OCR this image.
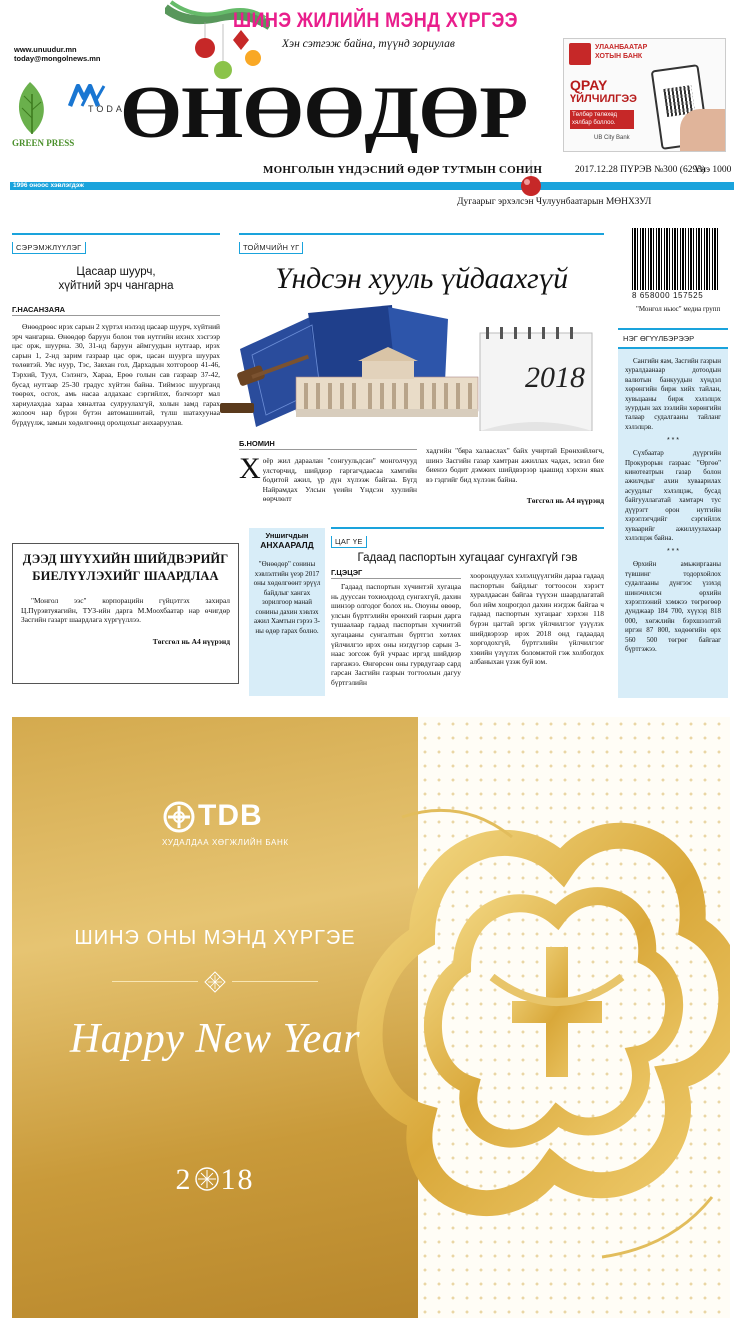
ШИНЭ ЖИЛИЙН МЭНД ХҮРГЭЭ
Хэн сэтгэж байна, түүнд зориулав
www.unuudur.mn
today@mongolnews.mn
GREEN PRESS
TODAY
ӨНӨӨДӨР
МОНГОЛЫН ҮНДЭСНИЙ ӨДӨР ТУТМЫН СОНИН	2017.12.28 ПҮРЭВ №300 (6293)
Үнэ 1000
1996 оноос хэвлэгдэж
Дугаарыг эрхэлсэн Чулуунбаатарын МӨНХЗУЛ
УЛААНБААТАР ХОТЫН БАНК
QPAY
ҮЙЛЧИЛГЭЭ
Төлбөр төлөхөд хялбар боллоо.
UB City Bank
8 658000 157525
"Монгол ньюс" медиа групп
СЭРЭМЖЛҮҮЛЭГ
Цасаар шуурч,
хүйтний эрч чангарна
Г.НАСАНЗАЯА
Өнөөдрөөс ирэх сарын 2 хүртэл нэлээд цасаар шуурч, хүйтний эрч чангарна. Өнөөдөр баруун болон төв нутгийн ихэнх хэсгээр цас орж, шуурна. 30, 31-нд баруун аймгуудын нутгаар, ирэх сарын 1, 2-нд зарим газраар цас орж, цасан шуурга шуурах төлөвтэй. Увс нуур, Тэс, Завхан гол, Дархадын хотгороор 41-46, Тэрхий, Туул, Сэлэнгэ, Хараа, Ерөө голын сав газраар 37-42, бусад нутгаар 25-30 градус хүйтэн байна. Тиймээс шуурганд төөрөх, осгох, амь насаа алдахаас сэргийлэх, бэлчээрт мал хариулахдаа хараа хяналтаа сулруулахгүй, холын замд гарах жолооч нар бүрэн бүтэн автомашинтай, түлш шатахуунаа бүрдүүлж, замын хөдөлгөөнд оролцохыг анхааруулав.
ТОЙМЧИЙН ҮГ
Үндсэн хууль үйдаахгүй
2018
Б.НОМИН
Х оёр жил дараалан "сонгуульдсан" монголчууд улстөрчид, шийдвэр гаргагчдаасаа хамгийн бодитой ажил, үр дүн хүлээж байгаа. Бүгд Найрамдах Улсын үеийн Үндсэн хуулийн өөрчлөлт
хадгийн "бяра халааслах" байх учиртай Ерөнхийлөгч, шинэ Засгийн газар хамтран ажиллах чадах, эсвэл бие биенээ бодит дэмжих шийдвэрээр цаашид хэрхэн явах вэ гэдгийг бид хүлээж байна.
Төгсгөл нь А4 нүүрэнд
ДЭЭД ШҮҮХИЙН ШИЙДВЭРИЙГ
БИЕЛҮҮЛЭХИЙГ ШААРДЛАА
"Монгол ээс" корпорацийн гүйцэтгэх захирал Ц.Пүрэвтуяагийн, ТУЗ-ийн дарга М.Моохбаатар нар өчигдөр Засгийн газарт шаардлага хүргүүллээ.
Төгсгөл нь А4 нүүрэнд
Уншигчдын
АНХААРАЛД
"Өнөөдөр" сонины хэвлэлтийн үеэр 2017 оны хөдөлгөөнт эрүүл байдлыг хангах зорилгоор манай сонины дахин хэвлэх ажил Хамтын гэрээ 3-ны өдөр гарах болно.
ЦАГ ҮЕ
Гадаад паспортын хугацааг сунгахгүй гэв
Г.ЦЭЦЭГ
Гадаад паспортын хүчинтэй хугацаа нь дууссан тохиолдолд сунгахгүй, дахин шинээр олгодог болох нь. Оюуны өвөөр, улсын бүртгэлийн ерөнхий газрын дарга тушаалаар гадаад паспортын хүчинтэй хугацааны сунгалтын бүртгэл хөтлөх үйлчилгээ ирэх оны нэгдүгээр сарын 3-наас зогсож буй учраас иргэд шийдвэр гаргажээ. Өнгөрсөн оны гурвдугаар сард гарсан Засгийн газрын тогтоолын дагуу бүртгэлийн
хоорондуулах хэлэлцүүлгийн дараа гадаад паспортын байдлыг тогтоосон хэрэгт хуралдаасан байгаа түүхэн шаардлагатай бол ийм хоцрогдол дахин нэгдэж байгаа ч гадаад паспортын хугацааг хэрхэн 118 бүрэн цагтай эргэх үйлчилгээг үзүүлэх шийдвэрээр ирэх 2018 онд гадаадад хоргодохгүй, бүртгэлийн үйлчилгээг хэвийн үзүүлэх боломжтой гэж холбогдох албаныхан үзэж буй юм.
НЭГ ӨГҮҮЛБЭРЭЭР
Сангийн яам, Засгийн газрын хуралдаанаар дотоодын валютын банкуудын хүндэл хөрөнгийн бирж хийх тайлан, хувьцааны бирж хэлэлцэх зуурдын зах зээлийн хөрөнгийн талаар судалгааны тайланг хэлэлцэв.
* * *
Сүхбаатар дүүргийн Прокурорын газраас "Өргөө" кинотеатрын газар болон ажилчдыг ахин хуваарилах асуудлыг хэлэлцэж, бусад байгууллагатай хамтарч тус дүүрэгт орон нутгийн хэрэглэгчдийг сэргийлэх хуваарийг ажиллуулахаар хэлэлцэж байна.
* * *
Өрхийн амьжиргааны түвшинг тодорхойлох судалгааны дүнгээс үзэхэд шинэчилсэн өрхийн хэрэглээний хэмжээ төгрөгөөр дунджаар 184 700, хүүхэд 818 000, хөгжлийн бэрхшээлтэй иргэн 87 800, хөдөөгийн өрх 560 500 төгрөг байгааг бүртгэжээ.
TDB
ХУДАЛДАА ХӨГЖЛИЙН БАНК
ШИНЭ ОНЫ МЭНД ХҮРГЭЕ
Happy New Year
2 18
